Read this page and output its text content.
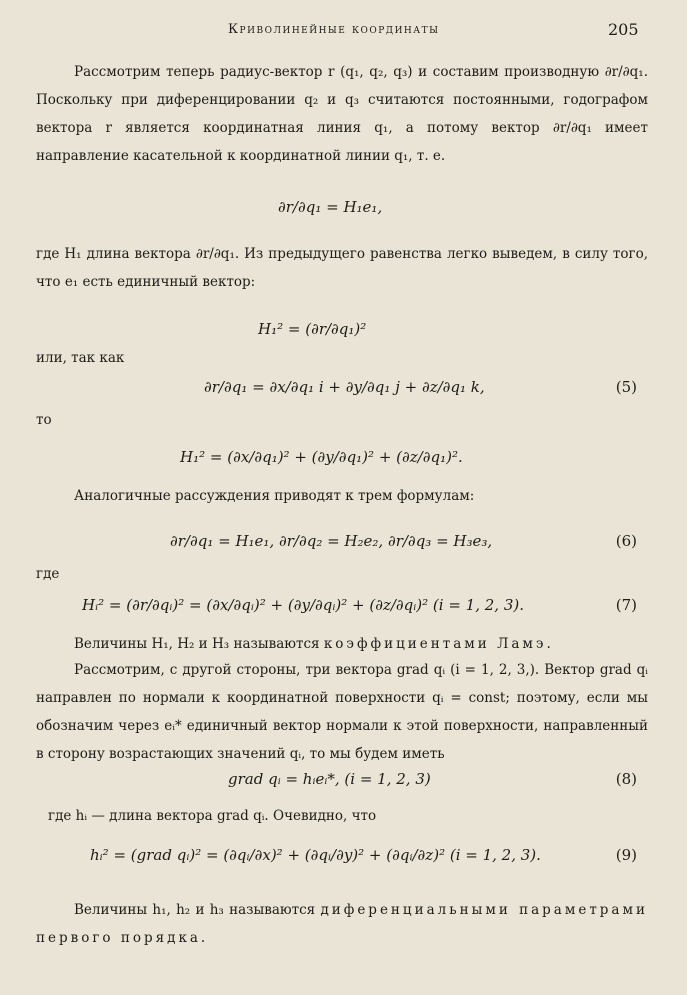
Криволинейные координаты	205
Рассмотрим теперь радиус-вектор r (q₁, q₂, q₃) и составим производную ∂r/∂q₁. Поскольку при диференцировании q₂ и q₃ считаются постоянными, годографом вектора r является координатная линия q₁, а потому вектор ∂r/∂q₁ имеет направление касательной к координатной линии q₁, т. е.
∂r/∂q₁ = H₁e₁,
где H₁ длина вектора ∂r/∂q₁. Из предыдущего равенства легко выведем, в силу того, что e₁ есть единичный вектор:
H₁² = (∂r/∂q₁)²
или, так как
∂r/∂q₁ = ∂x/∂q₁ i + ∂y/∂q₁ j + ∂z/∂q₁ k,	(5)
то
H₁² = (∂x/∂q₁)² + (∂y/∂q₁)² + (∂z/∂q₁)².
Аналогичные рассуждения приводят к трем формулам:
∂r/∂q₁ = H₁e₁, ∂r/∂q₂ = H₂e₂, ∂r/∂q₃ = H₃e₃,	(6)
где
Hᵢ² = (∂r/∂qᵢ)² = (∂x/∂qᵢ)² + (∂y/∂qᵢ)² + (∂z/∂qᵢ)² (i = 1, 2, 3).	(7)
Величины H₁, H₂ и H₃ называются коэффициентами Ламэ.
Рассмотрим, с другой стороны, три вектора grad qᵢ (i = 1, 2, 3,). Вектор grad qᵢ направлен по нормали к координатной поверхности qᵢ = const; поэтому, если мы обозначим через eᵢ* единичный вектор нормали к этой поверхности, направленный в сторону возрастающих значений qᵢ, то мы будем иметь
grad qᵢ = hᵢeᵢ*, (i = 1, 2, 3)	(8)
где hᵢ — длина вектора grad qᵢ. Очевидно, что
hᵢ² = (grad qᵢ)² = (∂qᵢ/∂x)² + (∂qᵢ/∂y)² + (∂qᵢ/∂z)² (i = 1, 2, 3).	(9)
Величины h₁, h₂ и h₃ называются диференциальными параметрами первого порядка.
